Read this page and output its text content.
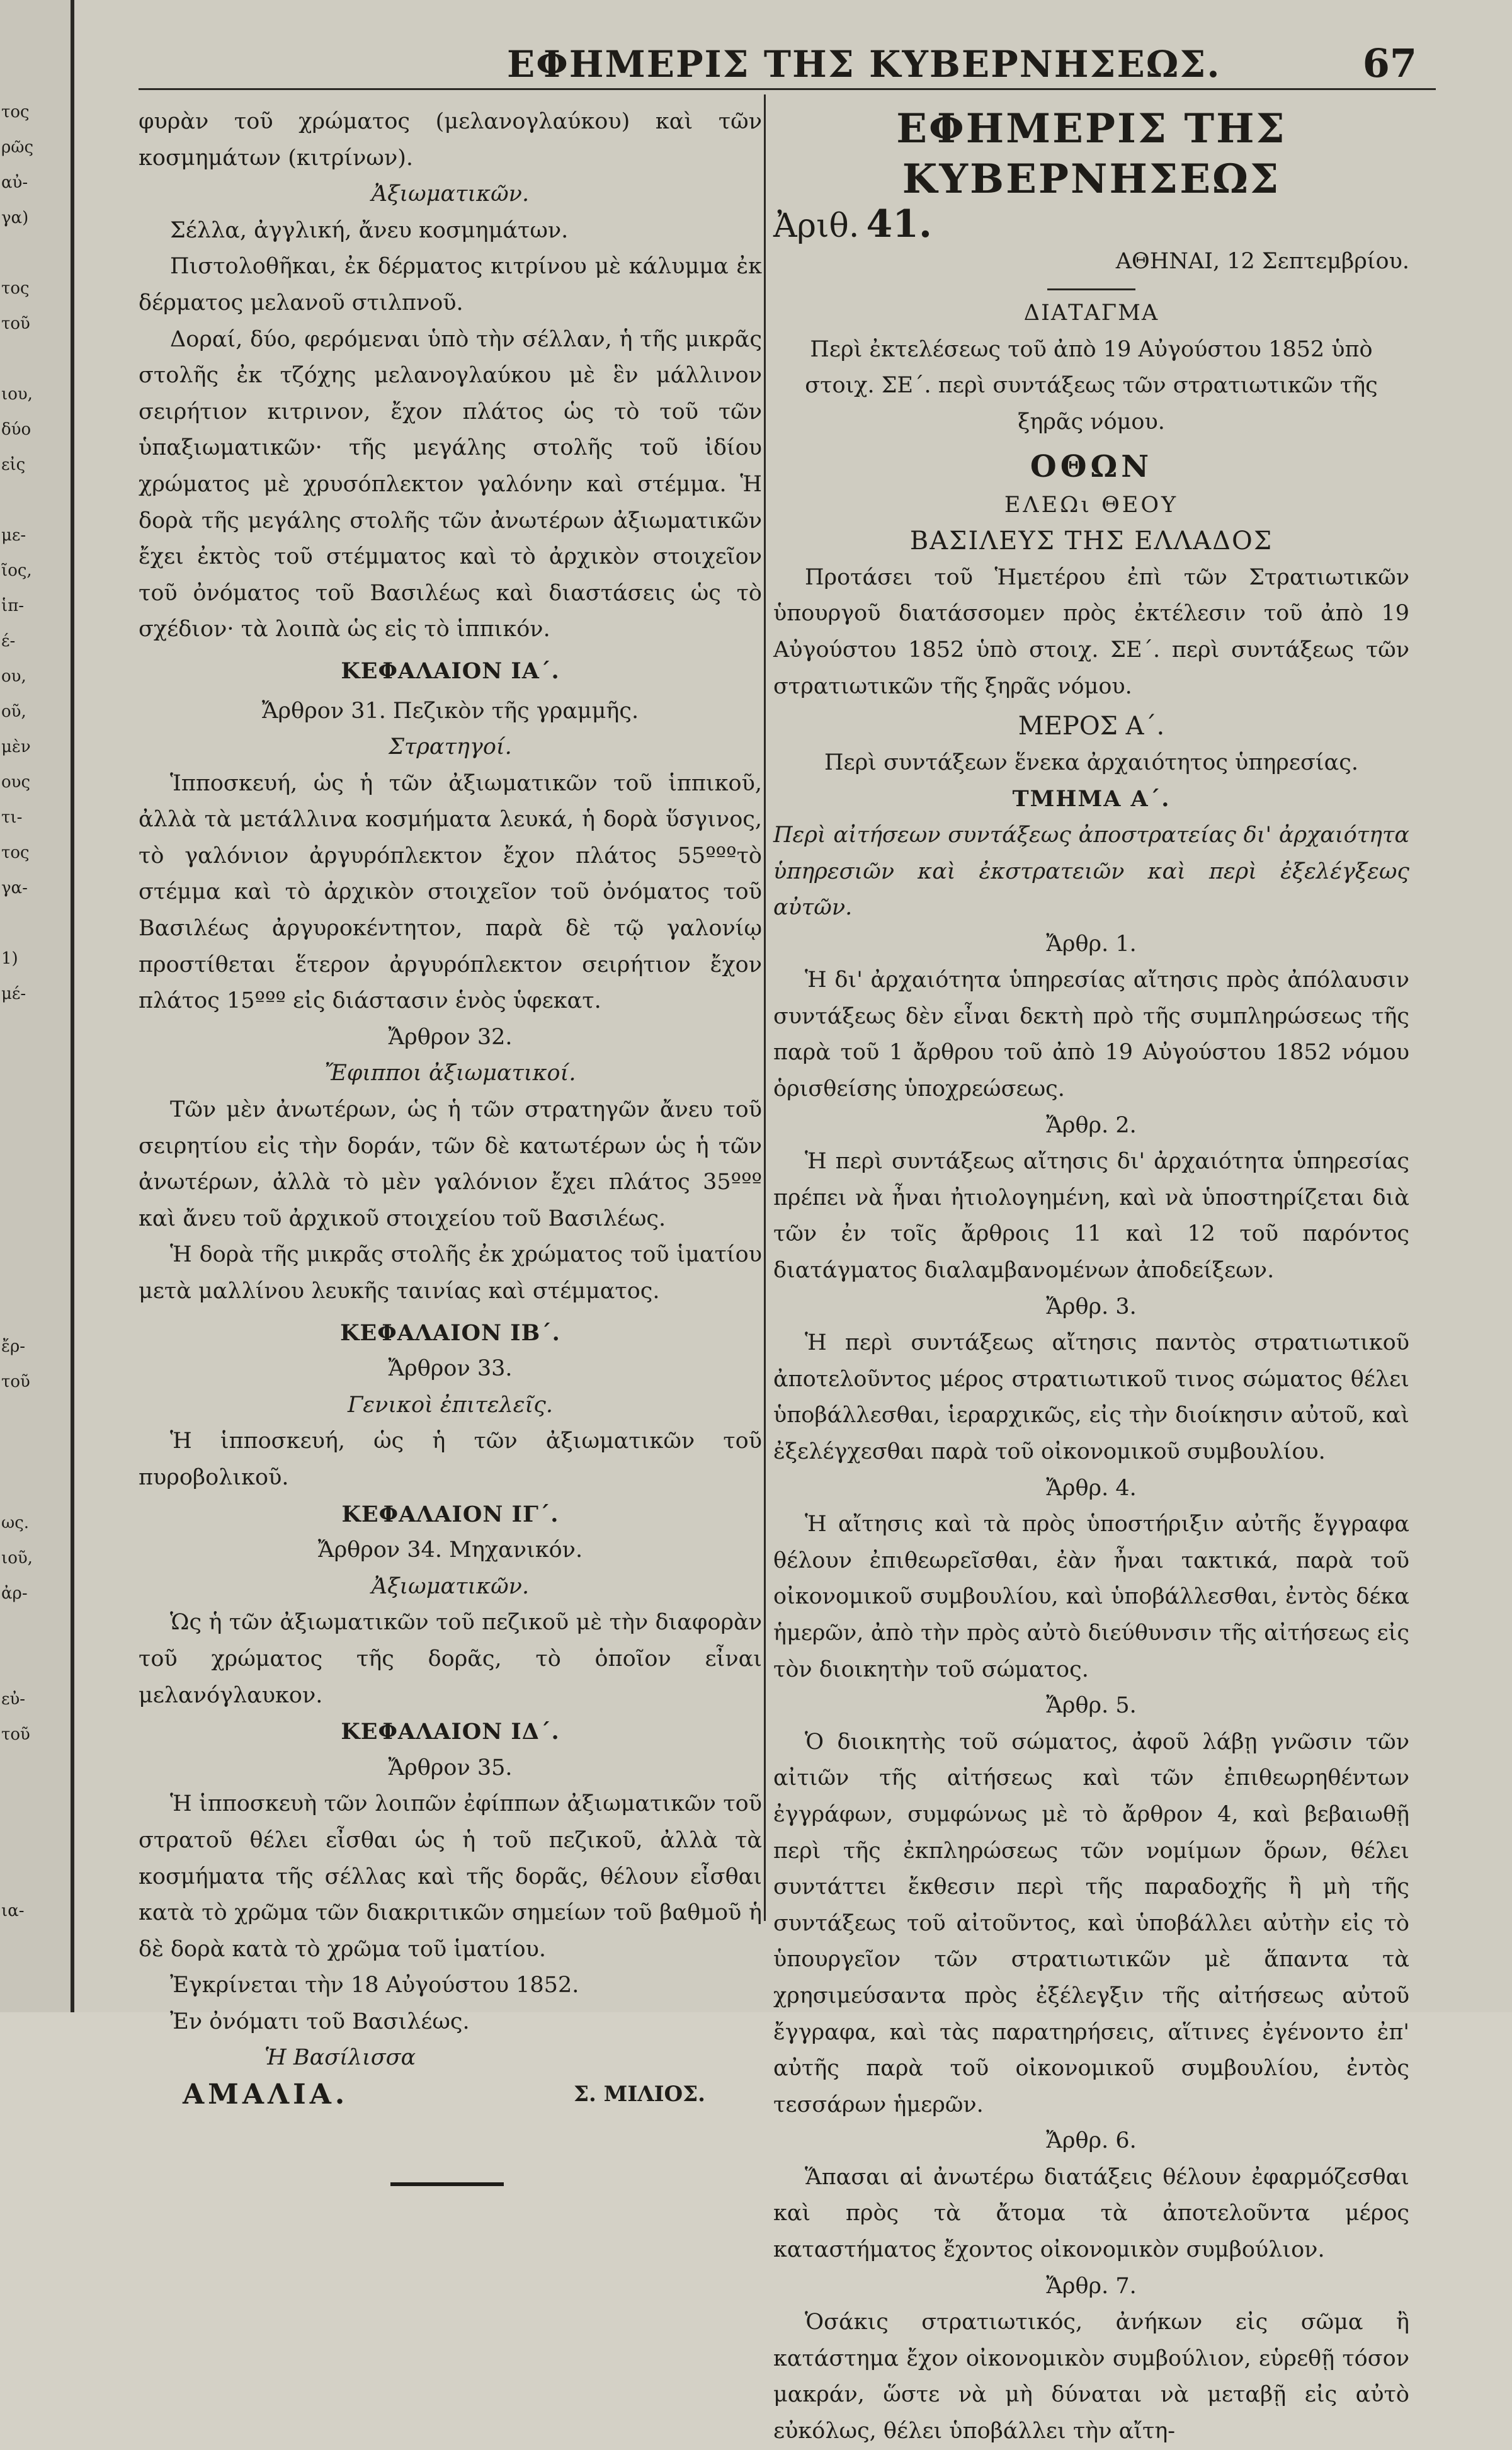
τος
ρῶς
αὐ-
γα)

τος
τοῦ

ιου,
δύο
εἰς

με-
ῖος,
ἱπ-
έ-
ου,
οῦ,
μὲν
ους
τι-
τος
γα-

1)
μέ-

ἔρ-
τοῦ

ως.
ιοῦ,
ἀρ-

εὐ-
τοῦ

ια-
ΕΦΗΜΕΡΙΣ ΤΗΣ ΚΥΒΕΡΝΗΣΕΩΣ.	67

φυρὰν τοῦ χρώματος (μελανογλαύκου) καὶ τῶν κοσμημάτων (κιτρίνων).

Ἀξιωματικῶν.

Σέλλα, ἀγγλική, ἄνευ κοσμημάτων.

Πιστολοθῆκαι, ἐκ δέρματος κιτρίνου μὲ κάλυμμα ἐκ δέρματος μελανοῦ στιλπνοῦ.

Δοραί, δύο, φερόμεναι ὑπὸ τὴν σέλλαν, ἡ τῆς μικρᾶς στολῆς ἐκ τζόχης μελανογλαύκου μὲ ἓν μάλλινον σειρήτιον κιτρινον, ἔχον πλάτος ὡς τὸ τοῦ τῶν ὑπαξιωματικῶν· τῆς μεγάλης στολῆς τοῦ ἰδίου χρώματος μὲ χρυσόπλεκτον γαλόνην καὶ στέμμα. Ἡ δορὰ τῆς μεγάλης στολῆς τῶν ἀνωτέρων ἀξιωματικῶν ἔχει ἐκτὸς τοῦ στέμματος καὶ τὸ ἀρχικὸν στοιχεῖον τοῦ ὀνόματος τοῦ Βασιλέως καὶ διαστάσεις ὡς τὸ σχέδιον· τὰ λοιπὰ ὡς εἰς τὸ ἱππικόν.

ΚΕΦΑΛΑΙΟΝ ΙΑ΄.

Ἄρθρον 31. Πεζικὸν τῆς γραμμῆς.

Στρατηγοί.

Ἱπποσκευή, ὡς ἡ τῶν ἀξιωματικῶν τοῦ ἱππικοῦ, ἀλλὰ τὰ μετάλλινα κοσμήματα λευκά, ἡ δορὰ ὕσγινος, τὸ γαλόνιον ἀργυρόπλεκτον ἔχον πλάτος 55ºººτὸ στέμμα καὶ τὸ ἀρχικὸν στοιχεῖον τοῦ ὀνόματος τοῦ Βασιλέως ἀργυροκέντητον, παρὰ δὲ τῷ γαλονίῳ προστίθεται ἕτερον ἀργυρόπλεκτον σειρήτιον ἔχον πλάτος 15ººº εἰς διάστασιν ἑνὸς ὑφεκατ.

Ἄρθρον 32.

Ἔφιπποι ἀξιωματικοί.

Τῶν μὲν ἀνωτέρων, ὡς ἡ τῶν στρατηγῶν ἄνευ τοῦ σειρητίου εἰς τὴν δοράν, τῶν δὲ κατωτέρων ὡς ἡ τῶν ἀνωτέρων, ἀλλὰ τὸ μὲν γαλόνιον ἔχει πλάτος 35ººº καὶ ἄνευ τοῦ ἀρχικοῦ στοιχείου τοῦ Βασιλέως.

Ἡ δορὰ τῆς μικρᾶς στολῆς ἐκ χρώματος τοῦ ἱματίου μετὰ μαλλίνου λευκῆς ταινίας καὶ στέμματος.

ΚΕΦΑΛΑΙΟΝ ΙΒ΄.

Ἄρθρον 33.

Γενικοὶ ἐπιτελεῖς.

Ἡ ἱπποσκευή, ὡς ἡ τῶν ἀξιωματικῶν τοῦ πυροβολικοῦ.

ΚΕΦΑΛΑΙΟΝ ΙΓ΄.

Ἄρθρον 34. Μηχανικόν.

Ἀξιωματικῶν.

Ὡς ἡ τῶν ἀξιωματικῶν τοῦ πεζικοῦ μὲ τὴν διαφορὰν τοῦ χρώματος τῆς δορᾶς, τὸ ὁποῖον εἶναι μελανόγλαυκον.

ΚΕΦΑΛΑΙΟΝ ΙΔ΄.

Ἄρθρον 35.

Ἡ ἱπποσκευὴ τῶν λοιπῶν ἐφίππων ἀξιωματικῶν τοῦ στρατοῦ θέλει εἶσθαι ὡς ἡ τοῦ πεζικοῦ, ἀλλὰ τὰ κοσμήματα τῆς σέλλας καὶ τῆς δορᾶς, θέλουν εἶσθαι κατὰ τὸ χρῶμα τῶν διακριτικῶν σημείων τοῦ βαθμοῦ ἡ δὲ δορὰ κατὰ τὸ χρῶμα τοῦ ἱματίου.

Ἐγκρίνεται τὴν 18 Αὐγούστου 1852.

Ἐν ὀνόματι τοῦ Βασιλέως.

Ἡ Βασίλισσα

ΑΜΑΛΙΑ.	Σ. ΜΙΛΙΟΣ.

ΕΦΗΜΕΡΙΣ ΤΗΣ ΚΥΒΕΡΝΗΣΕΩΣ

Ἀριθ. 41.

ΑΘΗΝΑΙ, 12 Σεπτεμβρίου.

ΔΙΑΤΑΓΜΑ

Περὶ ἐκτελέσεως τοῦ ἀπὸ 19 Αὐγούστου 1852 ὑπὸ στοιχ. ΣΕ΄. περὶ συντάξεως τῶν στρατιωτικῶν τῆς ξηρᾶς νόμου.

ΟΘΩΝ

ΕΛΕΩι ΘΕΟΥ

ΒΑΣΙΛΕΥΣ ΤΗΣ ΕΛΛΑΔΟΣ

Προτάσει τοῦ Ἡμετέρου ἐπὶ τῶν Στρατιωτικῶν ὑπουργοῦ διατάσσομεν πρὸς ἐκτέλεσιν τοῦ ἀπὸ 19 Αὐγούστου 1852 ὑπὸ στοιχ. ΣΕ΄. περὶ συντάξεως τῶν στρατιωτικῶν τῆς ξηρᾶς νόμου.

ΜΕΡΟΣ Α΄.

Περὶ συντάξεων ἕνεκα ἀρχαιότητος ὑπηρεσίας.

ΤΜΗΜΑ Α΄.

Περὶ αἰτήσεων συντάξεως ἀποστρατείας δι' ἀρχαιότητα ὑπηρεσιῶν καὶ ἐκστρατειῶν καὶ περὶ ἐξελέγξεως αὐτῶν.

Ἄρθρ. 1.

Ἡ δι' ἀρχαιότητα ὑπηρεσίας αἴτησις πρὸς ἀπόλαυσιν συντάξεως δὲν εἶναι δεκτὴ πρὸ τῆς συμπληρώσεως τῆς παρὰ τοῦ 1 ἄρθρου τοῦ ἀπὸ 19 Αὐγούστου 1852 νόμου ὁρισθείσης ὑποχρεώσεως.

Ἄρθρ. 2.

Ἡ περὶ συντάξεως αἴτησις δι' ἀρχαιότητα ὑπηρεσίας πρέπει νὰ ἦναι ἠτιολογημένη, καὶ νὰ ὑποστηρίζεται διὰ τῶν ἐν τοῖς ἄρθροις 11 καὶ 12 τοῦ παρόντος διατάγματος διαλαμβανομένων ἀποδείξεων.

Ἄρθρ. 3.

Ἡ περὶ συντάξεως αἴτησις παντὸς στρατιωτικοῦ ἀποτελοῦντος μέρος στρατιωτικοῦ τινος σώματος θέλει ὑποβάλλεσθαι, ἱεραρχικῶς, εἰς τὴν διοίκησιν αὐτοῦ, καὶ ἐξελέγχεσθαι παρὰ τοῦ οἰκονομικοῦ συμβουλίου.

Ἄρθρ. 4.

Ἡ αἴτησις καὶ τὰ πρὸς ὑποστήριξιν αὐτῆς ἔγγραφα θέλουν ἐπιθεωρεῖσθαι, ἐὰν ἦναι τακτικά, παρὰ τοῦ οἰκονομικοῦ συμβουλίου, καὶ ὑποβάλλεσθαι, ἐντὸς δέκα ἡμερῶν, ἀπὸ τὴν πρὸς αὐτὸ διεύθυνσιν τῆς αἰτήσεως εἰς τὸν διοικητὴν τοῦ σώματος.

Ἄρθρ. 5.

Ὁ διοικητὴς τοῦ σώματος, ἀφοῦ λάβῃ γνῶσιν τῶν αἰτιῶν τῆς αἰτήσεως καὶ τῶν ἐπιθεωρηθέντων ἐγγράφων, συμφώνως μὲ τὸ ἄρθρον 4, καὶ βεβαιωθῇ περὶ τῆς ἐκπληρώσεως τῶν νομίμων ὅρων, θέλει συντάττει ἔκθεσιν περὶ τῆς παραδοχῆς ἢ μὴ τῆς συντάξεως τοῦ αἰτοῦντος, καὶ ὑποβάλλει αὐτὴν εἰς τὸ ὑπουργεῖον τῶν στρατιωτικῶν μὲ ἅπαντα τὰ χρησιμεύσαντα πρὸς ἐξέλεγξιν τῆς αἰτήσεως αὐτοῦ ἔγγραφα, καὶ τὰς παρατηρήσεις, αἵτινες ἐγένοντο ἐπ' αὐτῆς παρὰ τοῦ οἰκονομικοῦ συμβουλίου, ἐντὸς τεσσάρων ἡμερῶν.

Ἄρθρ. 6.

Ἅπασαι αἱ ἀνωτέρω διατάξεις θέλουν ἐφαρμόζεσθαι καὶ πρὸς τὰ ἄτομα τὰ ἀποτελοῦντα μέρος καταστήματος ἔχοντος οἰκονομικὸν συμβούλιον.

Ἄρθρ. 7.

Ὁσάκις στρατιωτικός, ἀνήκων εἰς σῶμα ἢ κατάστημα ἔχον οἰκονομικὸν συμβούλιον, εὑρεθῇ τόσον μακράν, ὥστε νὰ μὴ δύναται νὰ μεταβῇ εἰς αὐτὸ εὐκόλως, θέλει ὑποβάλλει τὴν αἴτη-
